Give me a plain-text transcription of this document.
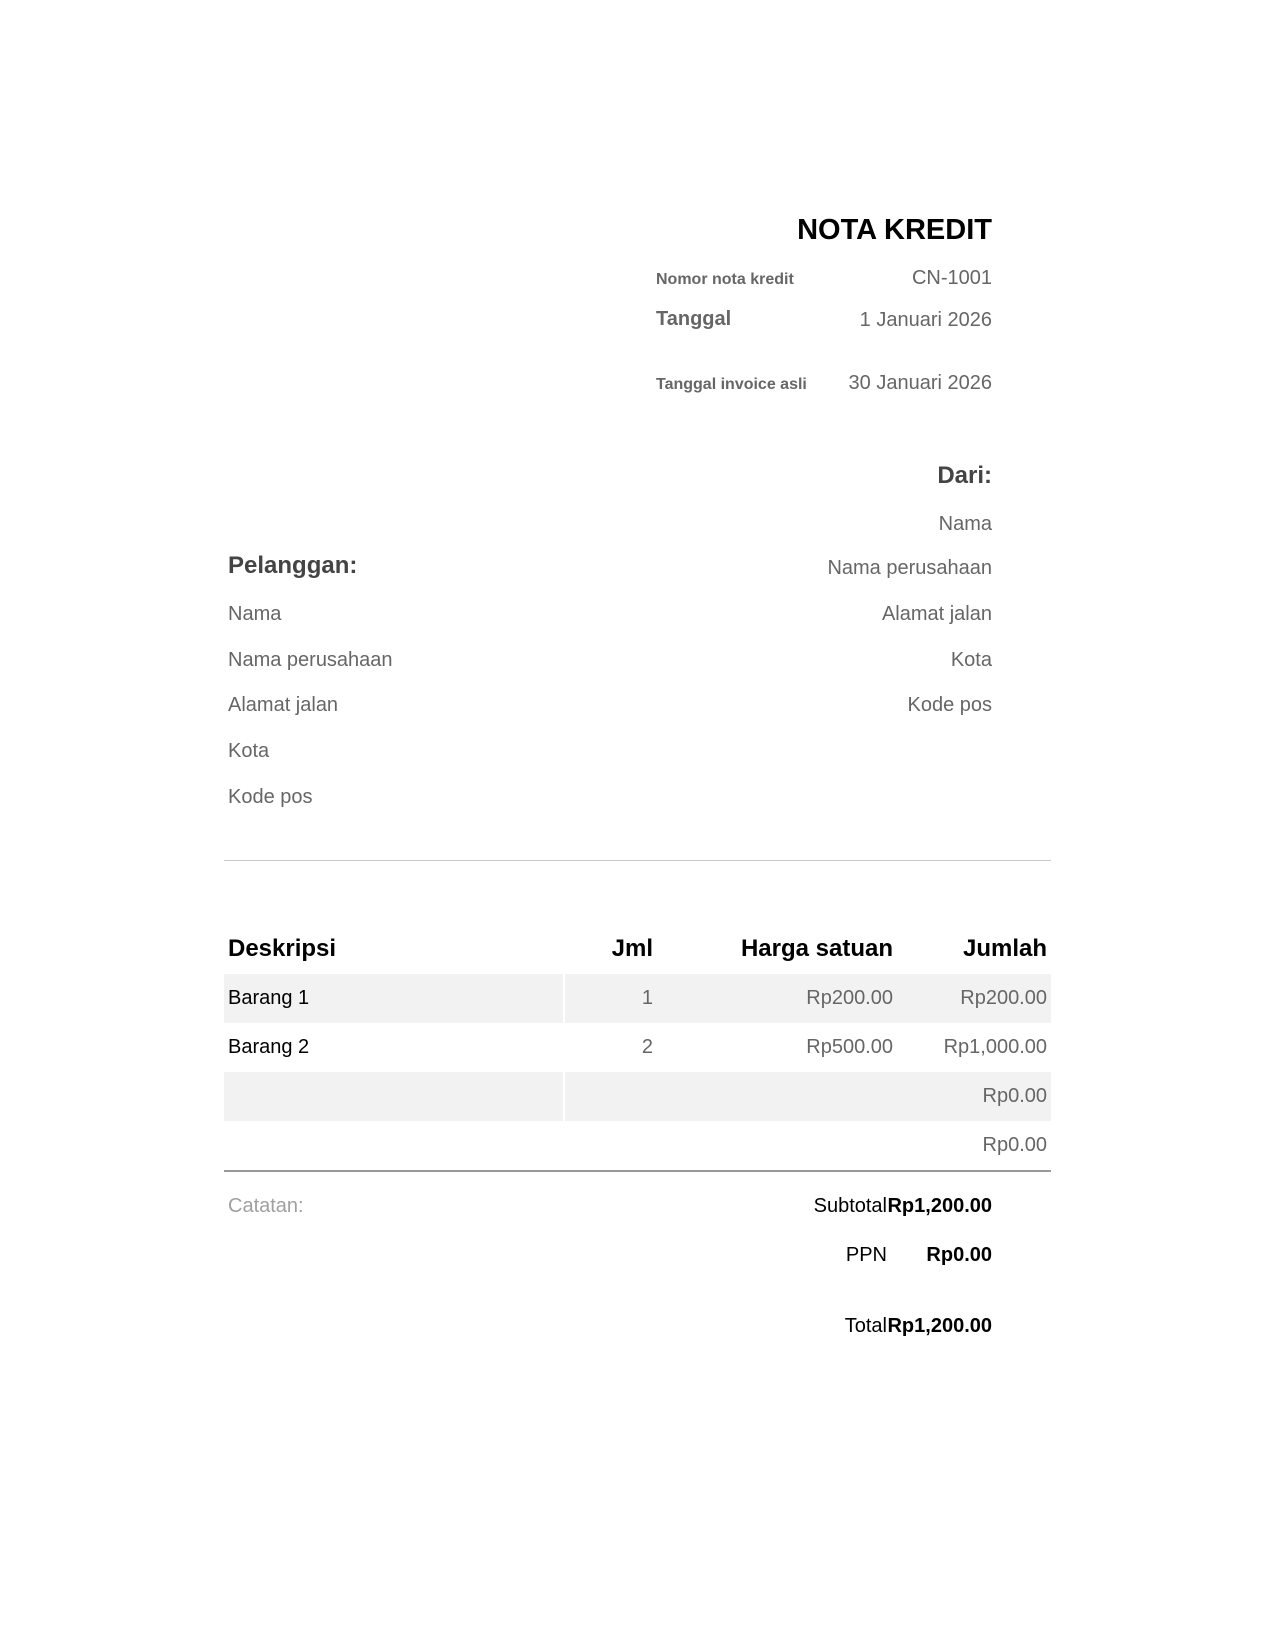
NOTA KREDIT
Nomor nota kredit	CN-1001
Tanggal	1 Januari 2026
Tanggal invoice asli 30 Januari 2026
Dari:
Nama
Nama perusahaan
Alamat jalan
Kota
Kode pos
Pelanggan:
Nama
Nama perusahaan
Alamat jalan
Kota
Kode pos
Deskripsi	Jml	Harga satuan	Jumlah
Barang 1	1	Rp200.00	Rp200.00
Barang 2	2	Rp500.00	Rp1,000.00
			Rp0.00
			Rp0.00
Catatan:	Subtotal Rp1,200.00
PPN Rp0.00
Total Rp1,200.00
